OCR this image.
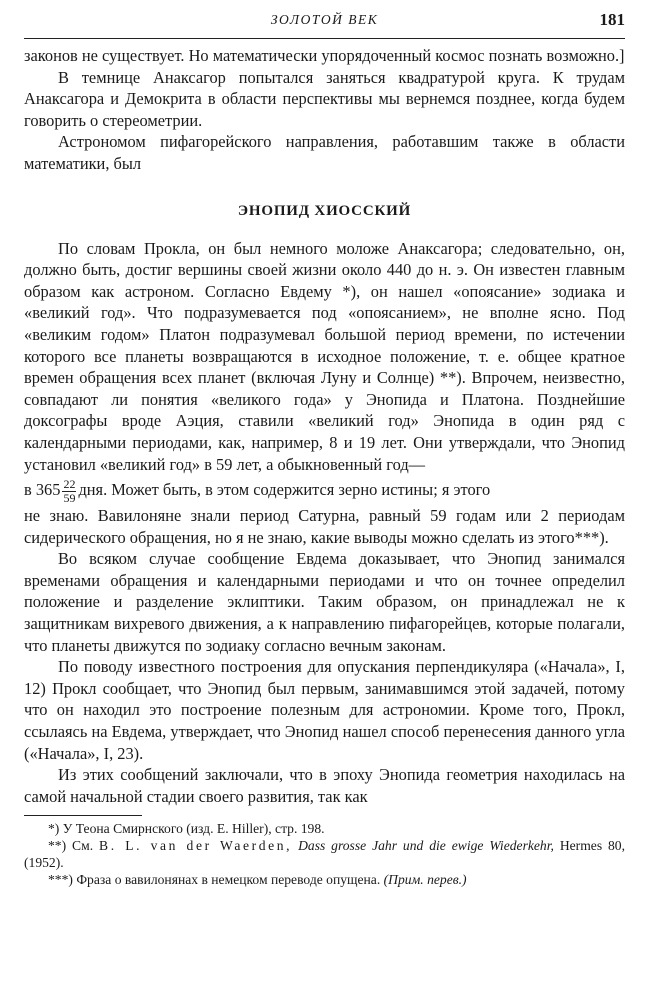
ЗОЛОТОЙ ВЕК	181

законов не существует. Но математически упорядоченный космос познать возможно.]

В темнице Анаксагор попытался заняться квадратурой круга. К трудам Анаксагора и Демокрита в области перспективы мы вернемся позднее, когда будем говорить о стереометрии.

Астрономом пифагорейского направления, работавшим также в области математики, был

ЭНОПИД ХИОССКИЙ

По словам Прокла, он был немного моложе Анаксагора; следовательно, он, должно быть, достиг вершины своей жизни около 440 до н. э. Он известен главным образом как астроном. Согласно Евдему *), он нашел «опоясание» зодиака и «великий год». Что подразумевается под «опоясанием», не вполне ясно. Под «великим годом» Платон подразумевал большой период времени, по истечении которого все планеты возвращаются в исходное положение, т. е. общее кратное времен обращения всех планет (включая Луну и Солнце) **). Впрочем, неизвестно, совпадают ли понятия «великого года» у Энопида и Платона. Позднейшие доксографы вроде Аэция, ставили «великий год» Энопида в один ряд с календарными периодами, как, например, 8 и 19 лет. Они утверждали, что Энопид установил «великий год» в 59 лет, а обыкновенный год—

в $365 \frac{22}{59}$ дня. Может быть, в этом содержится зерно истины; я этого

не знаю. Вавилоняне знали период Сатурна, равный 59 годам или 2 периодам сидерического обращения, но я не знаю, какие выводы можно сделать из этого***).

Во всяком случае сообщение Евдема доказывает, что Энопид занимался временами обращения и календарными периодами и что он точнее определил положение и разделение эклиптики. Таким образом, он принадлежал не к защитникам вихревого движения, а к направлению пифагорейцев, которые полагали, что планеты движутся по зодиаку согласно вечным законам.

По поводу известного построения для опускания перпендикуляра («Начала», I, 12) Прокл сообщает, что Энопид был первым, занимавшимся этой задачей, потому что он находил это построение полезным для астрономии. Кроме того, Прокл, ссылаясь на Евдема, утверждает, что Энопид нашел способ перенесения данного угла («Начала», I, 23).

Из этих сообщений заключали, что в эпоху Энопида геометрия находилась на самой начальной стадии своего развития, так как

*) У Теона Смирнского (изд. E. Hiller), стр. 198.

**) См. B. L. van der Waerden, Dass grosse Jahr und die ewige Wiederkehr, Hermes 80, (1952).

***) Фраза о вавилонянах в немецком переводе опущена. (Прим. перев.)
